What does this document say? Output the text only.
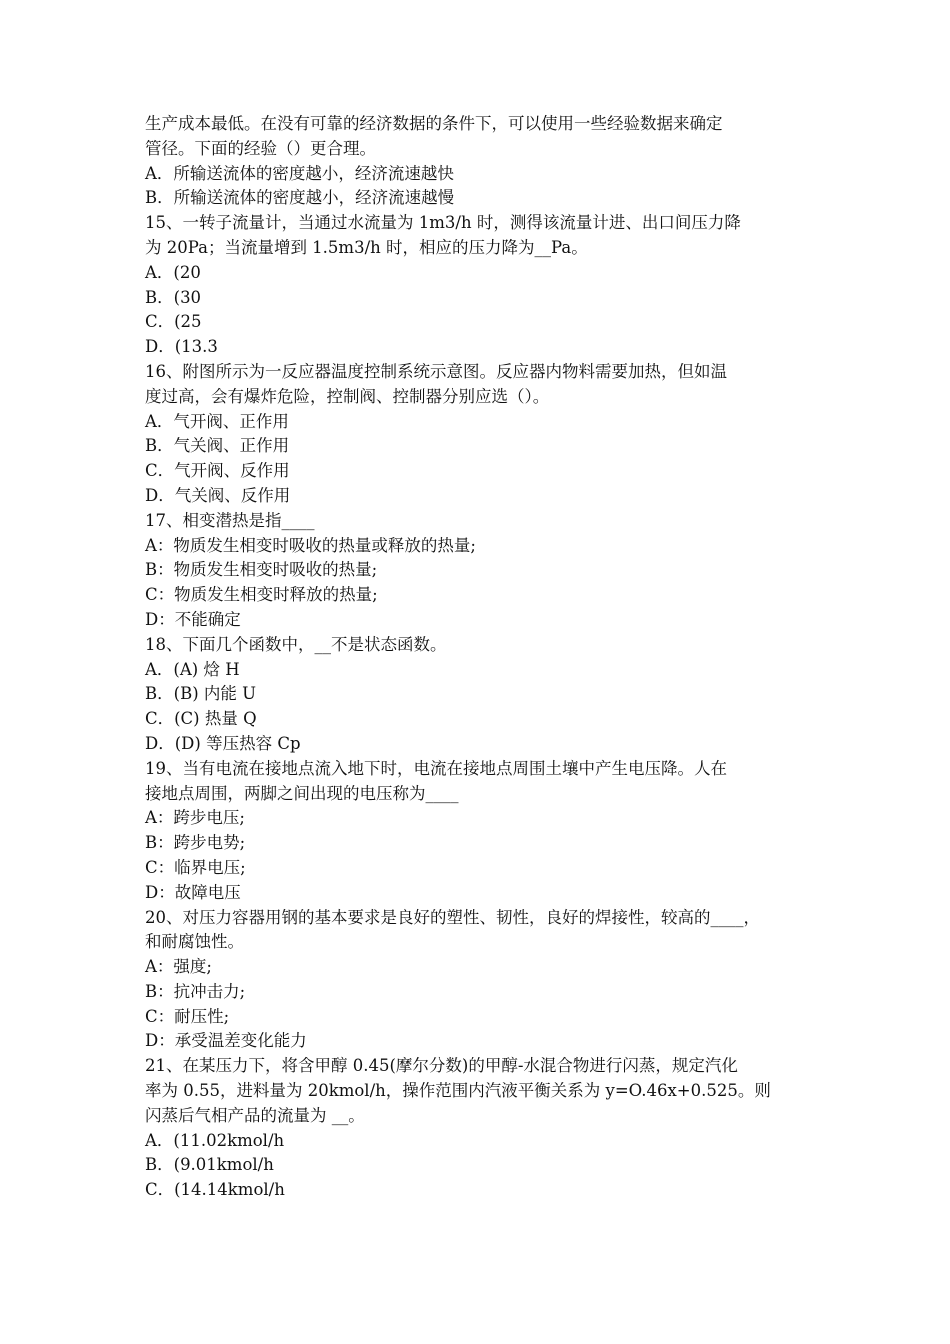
生产成本最低。在没有可靠的经济数据的条件下，可以使用一些经验数据来确定
管径。下面的经验（）更合理。
A．所输送流体的密度越小，经济流速越快
B．所输送流体的密度越小，经济流速越慢
15、一转子流量计，当通过水流量为 1m3/h 时，测得该流量计进、出口间压力降
为 20Pa；当流量增到 1.5m3/h 时，相应的压力降为__Pa。
A．(20
B．(30
C．(25
D．(13.3
16、附图所示为一反应器温度控制系统示意图。反应器内物料需要加热，但如温
度过高，会有爆炸危险，控制阀、控制器分别应选（）。
A．气开阀、正作用
B．气关阀、正作用
C．气开阀、反作用
D．气关阀、反作用
17、相变潜热是指____
A：物质发生相变时吸收的热量或释放的热量;
B：物质发生相变时吸收的热量;
C：物质发生相变时释放的热量;
D：不能确定
18、下面几个函数中，__不是状态函数。
A．(A) 焓 H
B．(B) 内能 U
C．(C) 热量 Q
D．(D) 等压热容 Cp
19、当有电流在接地点流入地下时，电流在接地点周围土壤中产生电压降。人在
接地点周围，两脚之间出现的电压称为____
A：跨步电压;
B：跨步电势;
C：临界电压;
D：故障电压
20、对压力容器用钢的基本要求是良好的塑性、韧性，良好的焊接性，较高的____，
和耐腐蚀性。
A：强度;
B：抗冲击力;
C：耐压性;
D：承受温差变化能力
21、在某压力下，将含甲醇 0.45(摩尔分数)的甲醇-水混合物进行闪蒸，规定汽化
率为 0.55，进料量为 20kmol/h，操作范围内汽液平衡关系为 y=O.46x+0.525。则
闪蒸后气相产品的流量为 __。
A．(11.02kmol/h
B．(9.01kmol/h
C．(14.14kmol/h
